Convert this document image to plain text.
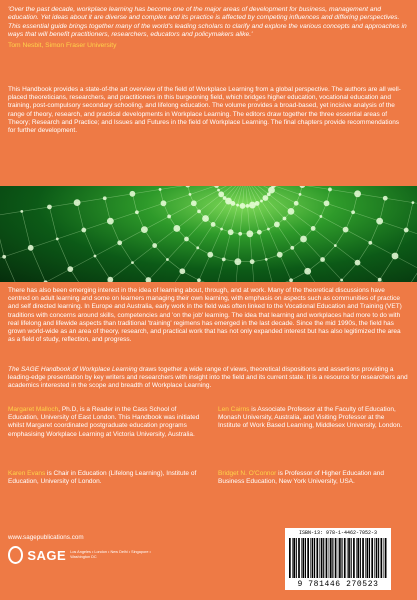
'Over the past decade, workplace learning has become one of the major areas of development for business, management and education. Yet ideas about it are diverse and complex and its practice is affected by competing influences and differing perspectives. This essential guide brings together many of the world's leading scholars to clarify and explore the various concepts and approaches in ways that will benefit practitioners, researchers, educators and policymakers alike.'
Tom Nesbit, Simon Fraser University
This Handbook provides a state-of-the art overview of the field of Workplace Learning from a global perspective. The authors are all well-placed theoreticians, researchers, and practitioners in this burgeoning field, which bridges higher education, vocational education and training, post-compulsory secondary schooling, and lifelong education. The volume provides a broad-based, yet incisive analysis of the range of theory, research, and practical developments in Workplace Learning. The editors draw together the three essential areas of Theory; Research and Practice; and Issues and Futures in the field of Workplace Learning. The final chapters provide recommendations for further development.
There has also been emerging interest in the idea of learning about, through, and at work. Many of the theoretical discussions have centred on adult learning and some on learners managing their own learning, with emphasis on aspects such as communities of practice and self directed learning. In Europe and Australia, early work in the field was often linked to the Vocational Education and Training (VET) traditions with concerns around skills, competencies and 'on the job' learning. The idea that learning and workplaces had more to do with real lifelong and lifewide aspects than traditional 'training' regimens has emerged in the last decade. Since the mid 1990s, the field has grown world-wide as an area of theory, research, and practical work that has not only expanded interest but has also legitimized the area as a field of study, reflection, and progress.
The SAGE Handbook of Workplace Learning draws together a wide range of views, theoretical dispositions and assertions providing a leading-edge presentation by key writers and researchers with insight into the field and its current state. It is a resource for researchers and academics interested in the scope and breadth of Workplace Learning.
Margaret Malloch, Ph.D, is a Reader in the Cass School of Education, University of East London. This Handbook was initiated whilst Margaret coordinated postgraduate education programs emphasising Workplace Learning at Victoria University, Australia.
Len Cairns is Associate Professor at the Faculty of Education, Monash University, Australia, and Visiting Professor at the Institute of Work Based Learning, Middlesex University, London.
Karen Evans is Chair in Education (Lifelong Learning), Institute of Education, University of London.
Bridget N. O'Connor is Professor of Higher Education and Business Education, New York University, USA.
www.sagepublications.com
SAGE Los Angeles • London • New Delhi • Singapore • Washington DC
ISBN-13: 978-1-4462-7052-3
9 781446 270523
